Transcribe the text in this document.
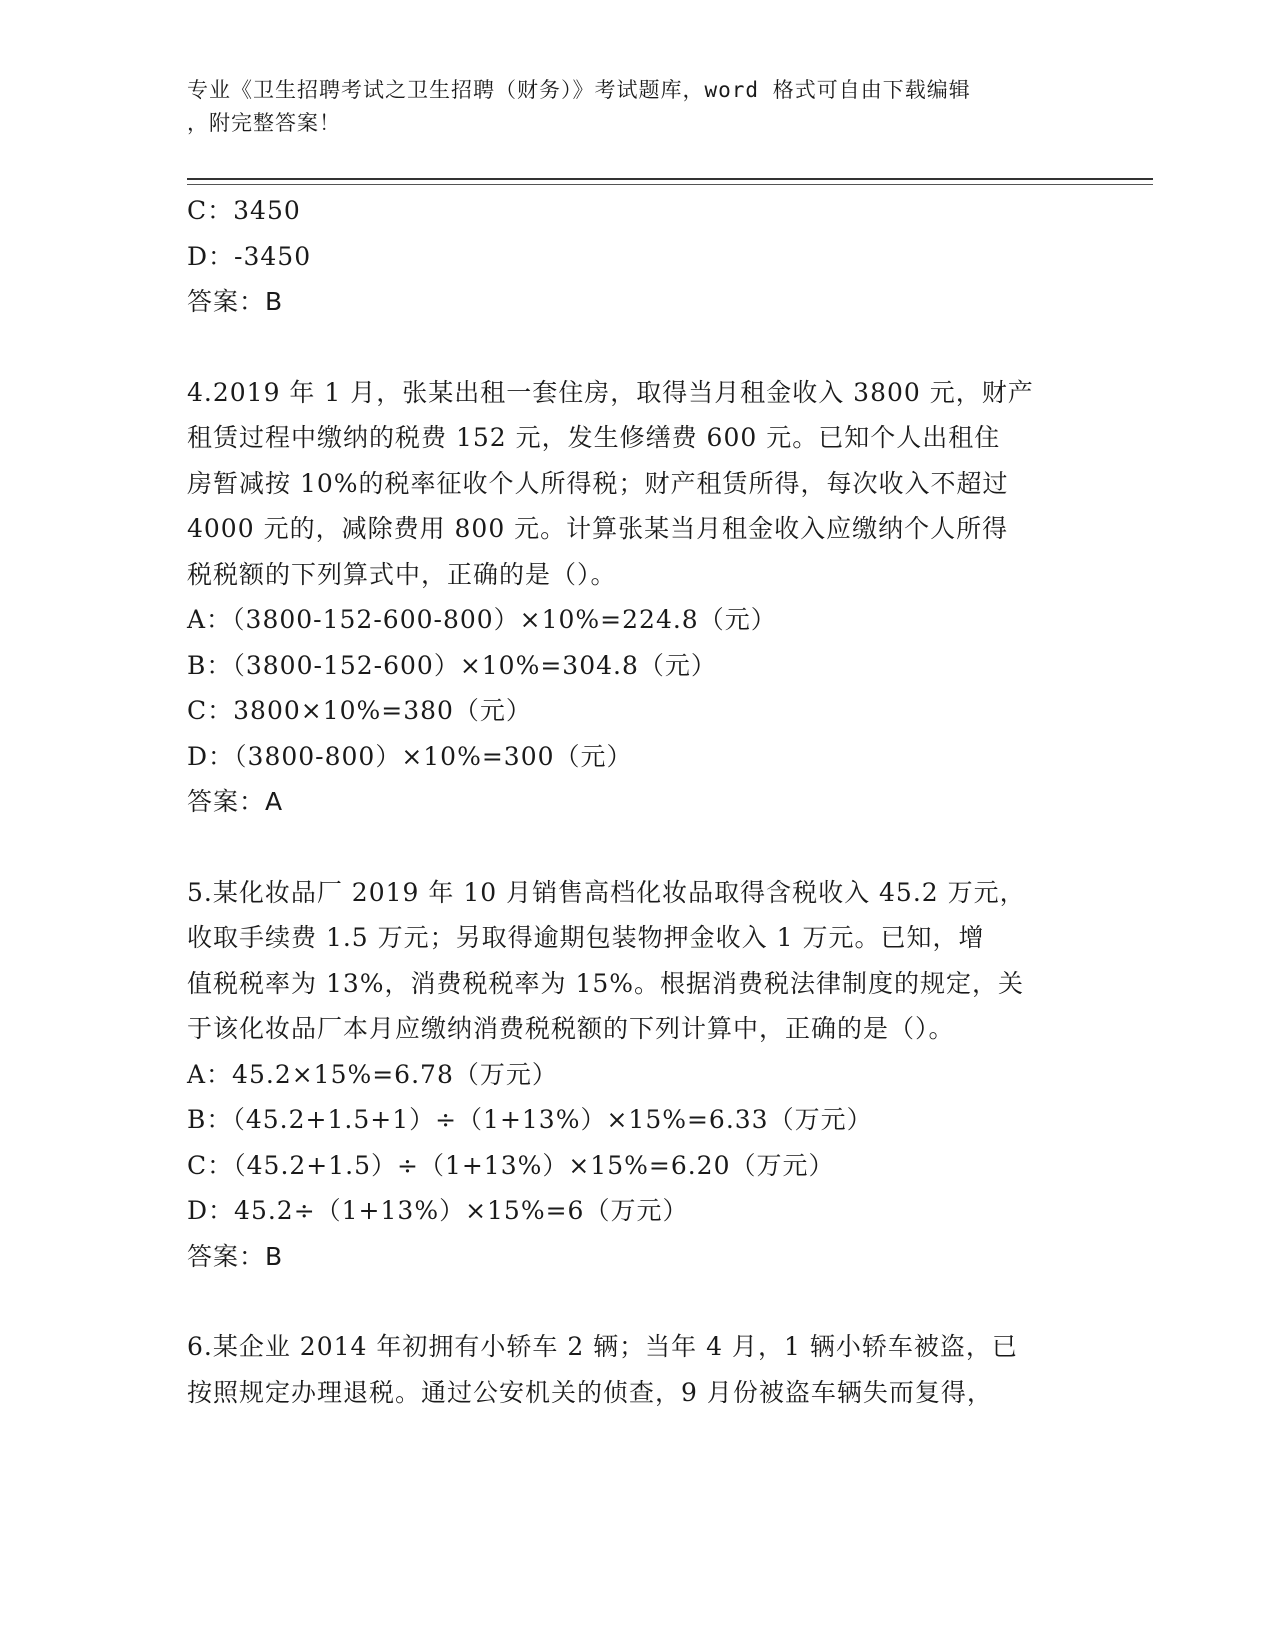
专业《卫生招聘考试之卫生招聘（财务）》考试题库，word 格式可自由下载编辑
，附完整答案！
C：3450
D：-3450
答案：B
4.2019 年 1 月，张某出租一套住房，取得当月租金收入 3800 元，财产
租赁过程中缴纳的税费 152 元，发生修缮费 600 元。已知个人出租住
房暂减按 10%的税率征收个人所得税；财产租赁所得，每次收入不超过
4000 元的，减除费用 800 元。计算张某当月租金收入应缴纳个人所得
税税额的下列算式中，正确的是（）。
A：（3800-152-600-800）×10%=224.8（元）
B：（3800-152-600）×10%=304.8（元）
C：3800×10%=380（元）
D：（3800-800）×10%=300（元）
答案：A
5.某化妆品厂 2019 年 10 月销售高档化妆品取得含税收入 45.2 万元，
收取手续费 1.5 万元；另取得逾期包装物押金收入 1 万元。已知，增
值税税率为 13%，消费税税率为 15%。根据消费税法律制度的规定，关
于该化妆品厂本月应缴纳消费税税额的下列计算中，正确的是（）。
A：45.2×15%=6.78（万元）
B：（45.2+1.5+1）÷（1+13%）×15%=6.33（万元）
C：（45.2+1.5）÷（1+13%）×15%=6.20（万元）
D：45.2÷（1+13%）×15%=6（万元）
答案：B
6.某企业 2014 年初拥有小轿车 2 辆；当年 4 月，1 辆小轿车被盗，已
按照规定办理退税。通过公安机关的侦查，9 月份被盗车辆失而复得，
